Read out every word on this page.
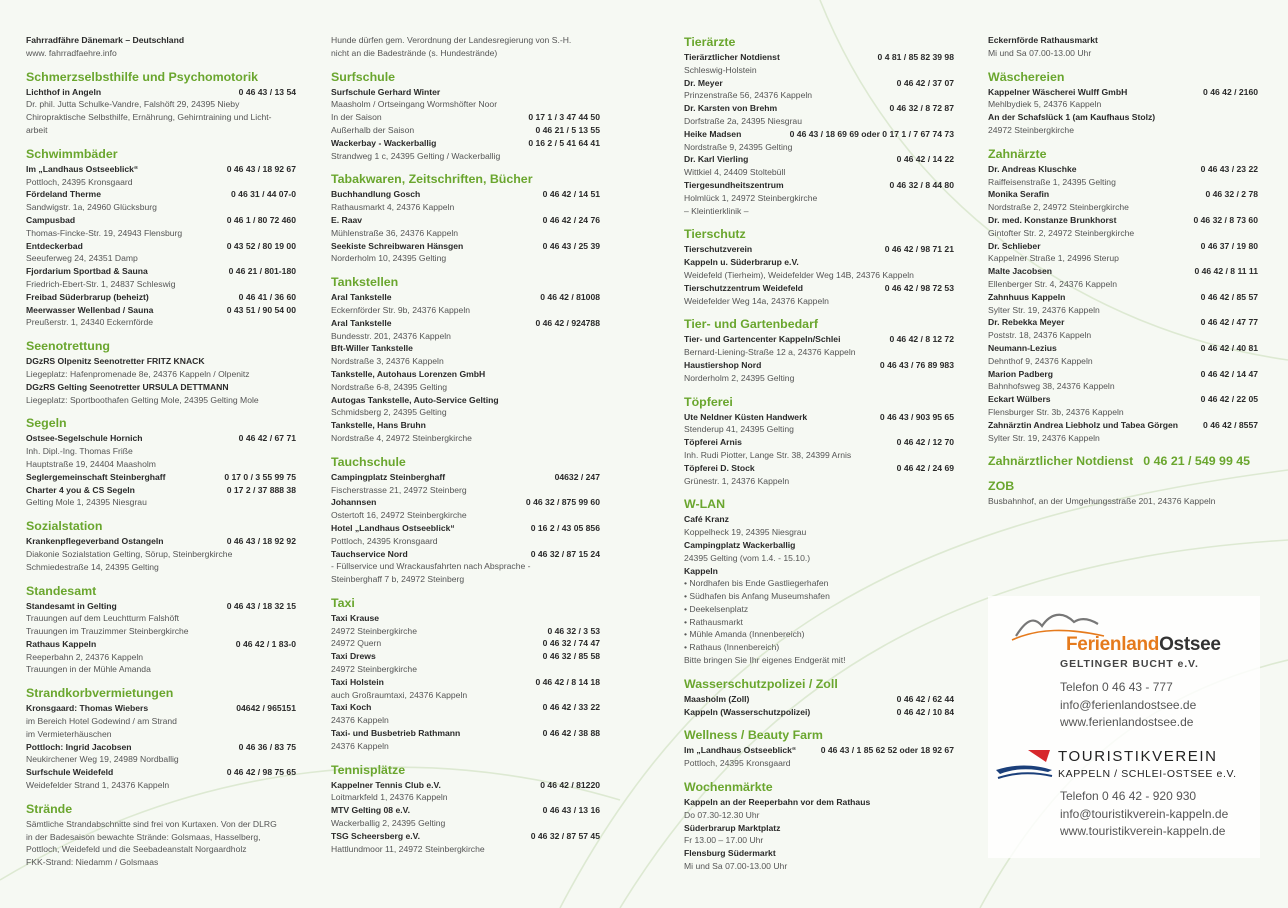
Fahrradfähre Dänemark – Deutschland
www. fahrradfaehre.info
Schmerzselbsthilfe und Psychomotorik
Lichthof in Angeln	0 46 43 / 13 54
Dr. phil. Jutta Schulke-Vandre, Falshöft 29, 24395 Nieby
Chiropraktische Selbsthilfe, Ernährung, Gehirntraining und Licht-
arbeit
Schwimmbäder
Im „Landhaus Ostseeblick“	0 46 43 / 18 92 67
Pottloch, 24395 Kronsgaard
Fördeland Therme	0 46 31 / 44 07-0
Sandwigstr. 1a, 24960 Glücksburg
Campusbad	0 46 1 / 80 72 460
Thomas-Fincke-Str. 19, 24943 Flensburg
Entdeckerbad	0 43 52 / 80 19 00
Seeuferweg 24, 24351 Damp
Fjordarium Sportbad & Sauna	0 46 21 / 801-180
Friedrich-Ebert-Str. 1, 24837 Schleswig
Freibad Süderbrarup (beheizt)	0 46 41 / 36 60
Meerwasser Wellenbad / Sauna	0 43 51 / 90 54 00
Preußerstr. 1, 24340 Eckernförde
Seenotrettung
DGzRS Olpenitz Seenotretter FRITZ KNACK
Liegeplatz: Hafenpromenade 8e, 24376 Kappeln / Olpenitz
DGzRS Gelting Seenotretter URSULA DETTMANN
Liegeplatz: Sportboothafen Gelting Mole, 24395 Gelting Mole
Segeln
Ostsee-Segelschule Hornich	0 46 42 / 67 71
Inh. Dipl.-Ing. Thomas Friße
Hauptstraße 19, 24404 Maasholm
Seglergemeinschaft Steinberghaff	0 17 0 / 3 55 99 75
Charter 4 you & CS Segeln	0 17 2 / 37 888 38
Gelting Mole 1, 24395 Niesgrau
Sozialstation
Krankenpflegeverband Ostangeln	0 46 43 / 18 92 92
Diakonie Sozialstation Gelting, Sörup, Steinbergkirche
Schmiedestraße 14, 24395 Gelting
Standesamt
Standesamt in Gelting	0 46 43 / 18 32 15
Trauungen auf dem Leuchtturm Falshöft
Trauungen im Trauzimmer Steinbergkirche
Rathaus Kappeln	0 46 42 / 1 83-0
Reeperbahn 2, 24376 Kappeln
Trauungen in der Mühle Amanda
Strandkorbvermietungen
Kronsgaard: Thomas Wiebers	04642 / 965151
im Bereich Hotel Godewind / am Strand
im Vermieterhäuschen
Pottloch: Ingrid Jacobsen	0 46 36 / 83 75
Neukirchener Weg 19, 24989 Nordballig
Surfschule Weidefeld	0 46 42 / 98 75 65
Weidefelder Strand 1, 24376 Kappeln
Strände
Sämtliche Strandabschnitte sind frei von Kurtaxen. Von der DLRG
in der Badesaison bewachte Strände: Golsmaas, Hasselberg,
Pottloch, Weidefeld und die Seebadeanstalt Norgaardholz
FKK-Strand: Niedamm / Golsmaas
Hunde dürfen gem. Verordnung der Landesregierung von S.-H.
nicht an die Badestrände (s. Hundestrände)
Surfschule
Surfschule Gerhard Winter
Maasholm / Ortseingang Wormshöfter Noor
In der Saison	0 17 1 / 3 47 44 50
Außerhalb der Saison	0 46 21 / 5 13 55
Wackerbay - Wackerballig	0 16 2 / 5 41 64 41
Strandweg 1 c, 24395 Gelting / Wackerballig
Tabakwaren, Zeitschriften, Bücher
Buchhandlung Gosch	0 46 42 / 14 51
Rathausmarkt 4, 24376 Kappeln
E. Raav	0 46 42 / 24 76
Mühlenstraße 36, 24376 Kappeln
Seekiste Schreibwaren Hänsgen	0 46 43 / 25 39
Norderholm 10, 24395 Gelting
Tankstellen
Aral Tankstelle	0 46 42 / 81008
Eckernförder Str. 9b, 24376 Kappeln
Aral Tankstelle	0 46 42 / 924788
Bundesstr. 201, 24376 Kappeln
Bft-Willer Tankstelle
Nordstraße 3, 24376 Kappeln
Tankstelle, Autohaus Lorenzen GmbH
Nordstraße 6-8, 24395 Gelting
Autogas Tankstelle, Auto-Service Gelting
Schmidsberg 2, 24395 Gelting
Tankstelle, Hans Bruhn
Nordstraße 4, 24972 Steinbergkirche
Tauchschule
Campingplatz Steinberghaff	04632 / 247
Fischerstrasse 21, 24972 Steinberg
Johannsen	0 46 32 / 875 99 60
Ostertoft 16, 24972 Steinbergkirche
Hotel „Landhaus Ostseeblick“	0 16 2 / 43 05 856
Pottloch, 24395 Kronsgaard
Tauchservice Nord	0 46 32 / 87 15 24
- Füllservice und Wrackausfahrten nach Absprache -
Steinberghaff 7 b, 24972 Steinberg
Taxi
Taxi Krause
24972 Steinbergkirche	0 46 32 / 3 53
24972 Quern	0 46 32 / 74 47
Taxi Drews	0 46 32 / 85 58
24972 Steinbergkirche
Taxi Holstein	0 46 42 / 8 14 18
auch Großraumtaxi, 24376 Kappeln
Taxi Koch	0 46 42 / 33 22
24376 Kappeln
Taxi- und Busbetrieb Rathmann	0 46 42 / 38 88
24376 Kappeln
Tennisplätze
Kappelner Tennis Club e.V.	0 46 42 / 81220
Loitmarkfeld 1, 24376 Kappeln
MTV Gelting 08 e.V.	0 46 43 / 13 16
Wackerballig 2, 24395 Gelting
TSG Scheersberg e.V.	0 46 32 / 87 57 45
Hattlundmoor 11, 24972 Steinbergkirche
Tierärzte
Tierärztlicher Notdienst	0 4 81 / 85 82 39 98
Schleswig-Holstein
Dr. Meyer	0 46 42 / 37 07
Prinzenstraße 56, 24376 Kappeln
Dr. Karsten von Brehm	0 46 32 / 8 72 87
Dorfstraße 2a, 24395 Niesgrau
Heike Madsen	0 46 43 / 18 69 69 oder 0 17 1 / 7 67 74 73
Nordstraße 9, 24395 Gelting
Dr. Karl Vierling	0 46 42 / 14 22
Wittkiel 4, 24409 Stoltebüll
Tiergesundheitszentrum	0 46 32 / 8 44 80
Holmlück 1, 24972 Steinbergkirche
– Kleintierklinik –
Tierschutz
Tierschutzverein	0 46 42 / 98 71 21
Kappeln u. Süderbrarup e.V.
Weidefeld (Tierheim), Weidefelder Weg 14B, 24376 Kappeln
Tierschutzzentrum Weidefeld	0 46 42 / 98 72 53
Weidefelder Weg 14a, 24376 Kappeln
Tier- und Gartenbedarf
Tier- und Gartencenter Kappeln/Schlei	0 46 42 / 8 12 72
Bernard-Liening-Straße 12 a, 24376 Kappeln
Haustiershop Nord	0 46 43 / 76 89 983
Norderholm 2, 24395 Gelting
Töpferei
Ute Neldner Küsten Handwerk	0 46 43 / 903 95 65
Stenderup 41, 24395 Gelting
Töpferei Arnis	0 46 42 / 12 70
Inh. Rudi Piotter, Lange Str. 38, 24399 Arnis
Töpferei D. Stock	0 46 42 / 24 69
Grünestr. 1, 24376 Kappeln
W-LAN
Café Kranz
Koppelheck 19, 24395 Niesgrau
Campingplatz Wackerballig
24395 Gelting (vom 1.4. - 15.10.)
Kappeln
• Nordhafen bis Ende Gastliegerhafen
• Südhafen bis Anfang Museumshafen
• Deekelsenplatz
• Rathausmarkt
• Mühle Amanda (Innenbereich)
• Rathaus (Innenbereich)
Bitte bringen Sie Ihr eigenes Endgerät mit!
Wasserschutzpolizei / Zoll
Maasholm (Zoll)	0 46 42 / 62 44
Kappeln (Wasserschutzpolizei)	0 46 42 / 10 84
Wellness / Beauty Farm
Im „Landhaus Ostseeblick“	0 46 43 / 1 85 62 52 oder 18 92 67
Pottloch, 24395 Kronsgaard
Wochenmärkte
Kappeln an der Reeperbahn vor dem Rathaus
Do 07.30-12.30 Uhr
Süderbrarup Marktplatz
Fr 13.00 – 17.00 Uhr
Flensburg Südermarkt
Mi und Sa 07.00-13.00 Uhr
Eckernförde Rathausmarkt
Mi und Sa 07.00-13.00 Uhr
Wäschereien
Kappelner Wäscherei Wulff GmbH	0 46 42 / 2160
Mehlbydiek 5, 24376 Kappeln
An der Schafslück 1 (am Kaufhaus Stolz)
24972 Steinbergkirche
Zahnärzte
Dr. Andreas Kluschke	0 46 43 / 23 22
Raiffeisenstraße 1, 24395 Gelting
Monika Serafin	0 46 32 / 2 78
Nordstraße 2, 24972 Steinbergkirche
Dr. med. Konstanze Brunkhorst	0 46 32 / 8 73 60
Gintofter Str. 2, 24972 Steinbergkirche
Dr. Schlieber	0 46 37 / 19 80
Kappelner Straße 1, 24996 Sterup
Malte Jacobsen	0 46 42 / 8 11 11
Ellenberger Str. 4, 24376 Kappeln
Zahnhuus Kappeln	0 46 42 / 85 57
Sylter Str. 19, 24376 Kappeln
Dr. Rebekka Meyer	0 46 42 / 47 77
Poststr. 18, 24376 Kappeln
Neumann-Lezius	0 46 42 / 40 81
Dehnthof 9, 24376 Kappeln
Marion Padberg	0 46 42 / 14 47
Bahnhofsweg 38, 24376 Kappeln
Eckart Wülbers	0 46 42 / 22 05
Flensburger Str. 3b, 24376 Kappeln
Zahnärztin Andrea Liebholz und Tabea Görgen	0 46 42 / 8557
Sylter Str. 19, 24376 Kappeln
Zahnärztlicher Notdienst 0 46 21 / 549 99 45
ZOB
Busbahnhof, an der Umgehungsstraße 201, 24376 Kappeln
FerienlandOstsee
GELTINGER BUCHT e.V.
Telefon 0 46 43 - 777
info@ferienlandostsee.de
www.ferienlandostsee.de
TOURISTIKVEREIN
KAPPELN / SCHLEI-OSTSEE e.V.
Telefon 0 46 42 - 920 930
info@touristikverein-kappeln.de
www.touristikverein-kappeln.de
